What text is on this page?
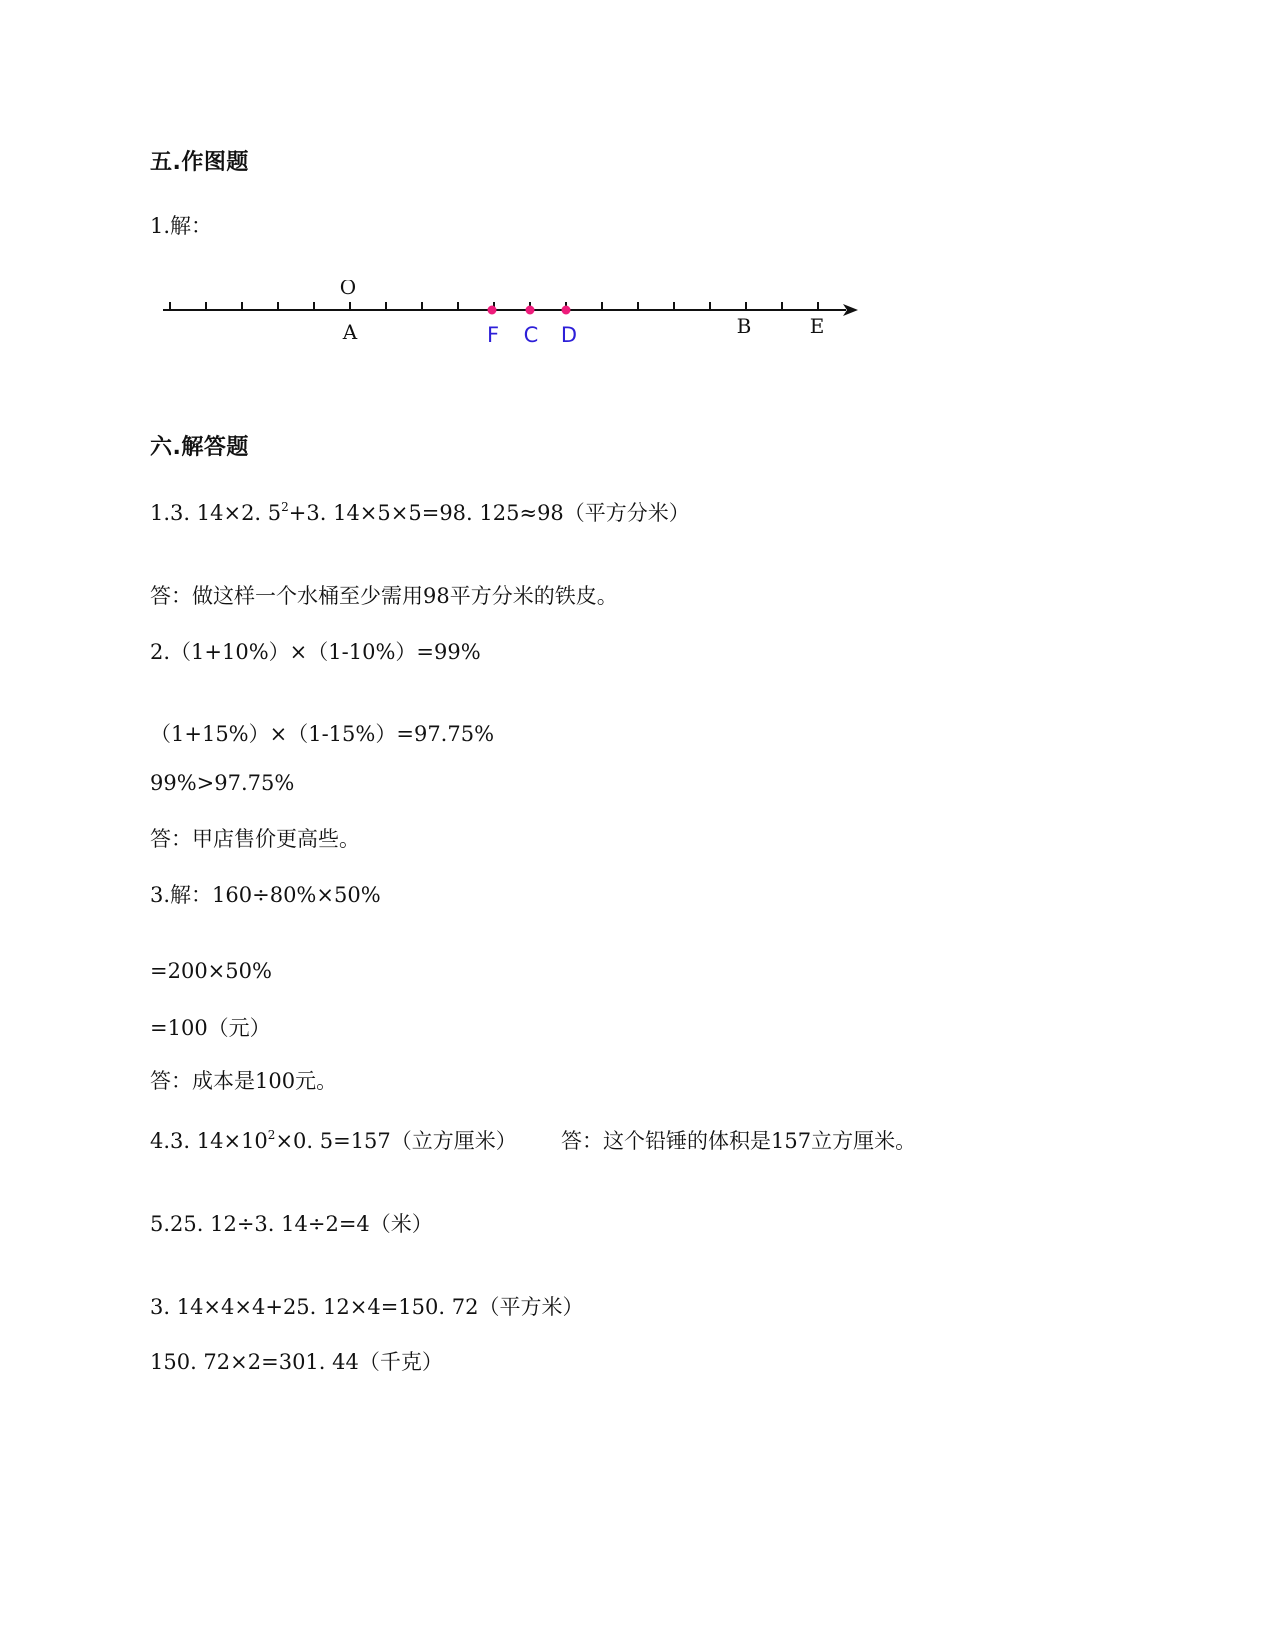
五.作图题
1.解：
O
A	F C D	B	E
六.解答题
1.3. 14×2. $5^2+3$. 14×5×5=98. 125≈98（平方分米）
答：做这样一个水桶至少需用98平方分米的铁皮。
2.（1+10%）×（1-10%）=99%
（1+15%）×（1-15%）=97.75%
99%>97.75%
答：甲店售价更高些。
3.解：160÷80%×50%
=200×50%
=100（元）
答：成本是100元。
4.3. $14\times 10^2\times 0$. 5=157（立方厘米） 答：这个铅锤的体积是157立方厘米。
5.25. 12÷3. 14÷2=4（米）
3. 14×4×4+25. 12×4=150. 72（平方米）
150. 72×2=301. 44（千克）
